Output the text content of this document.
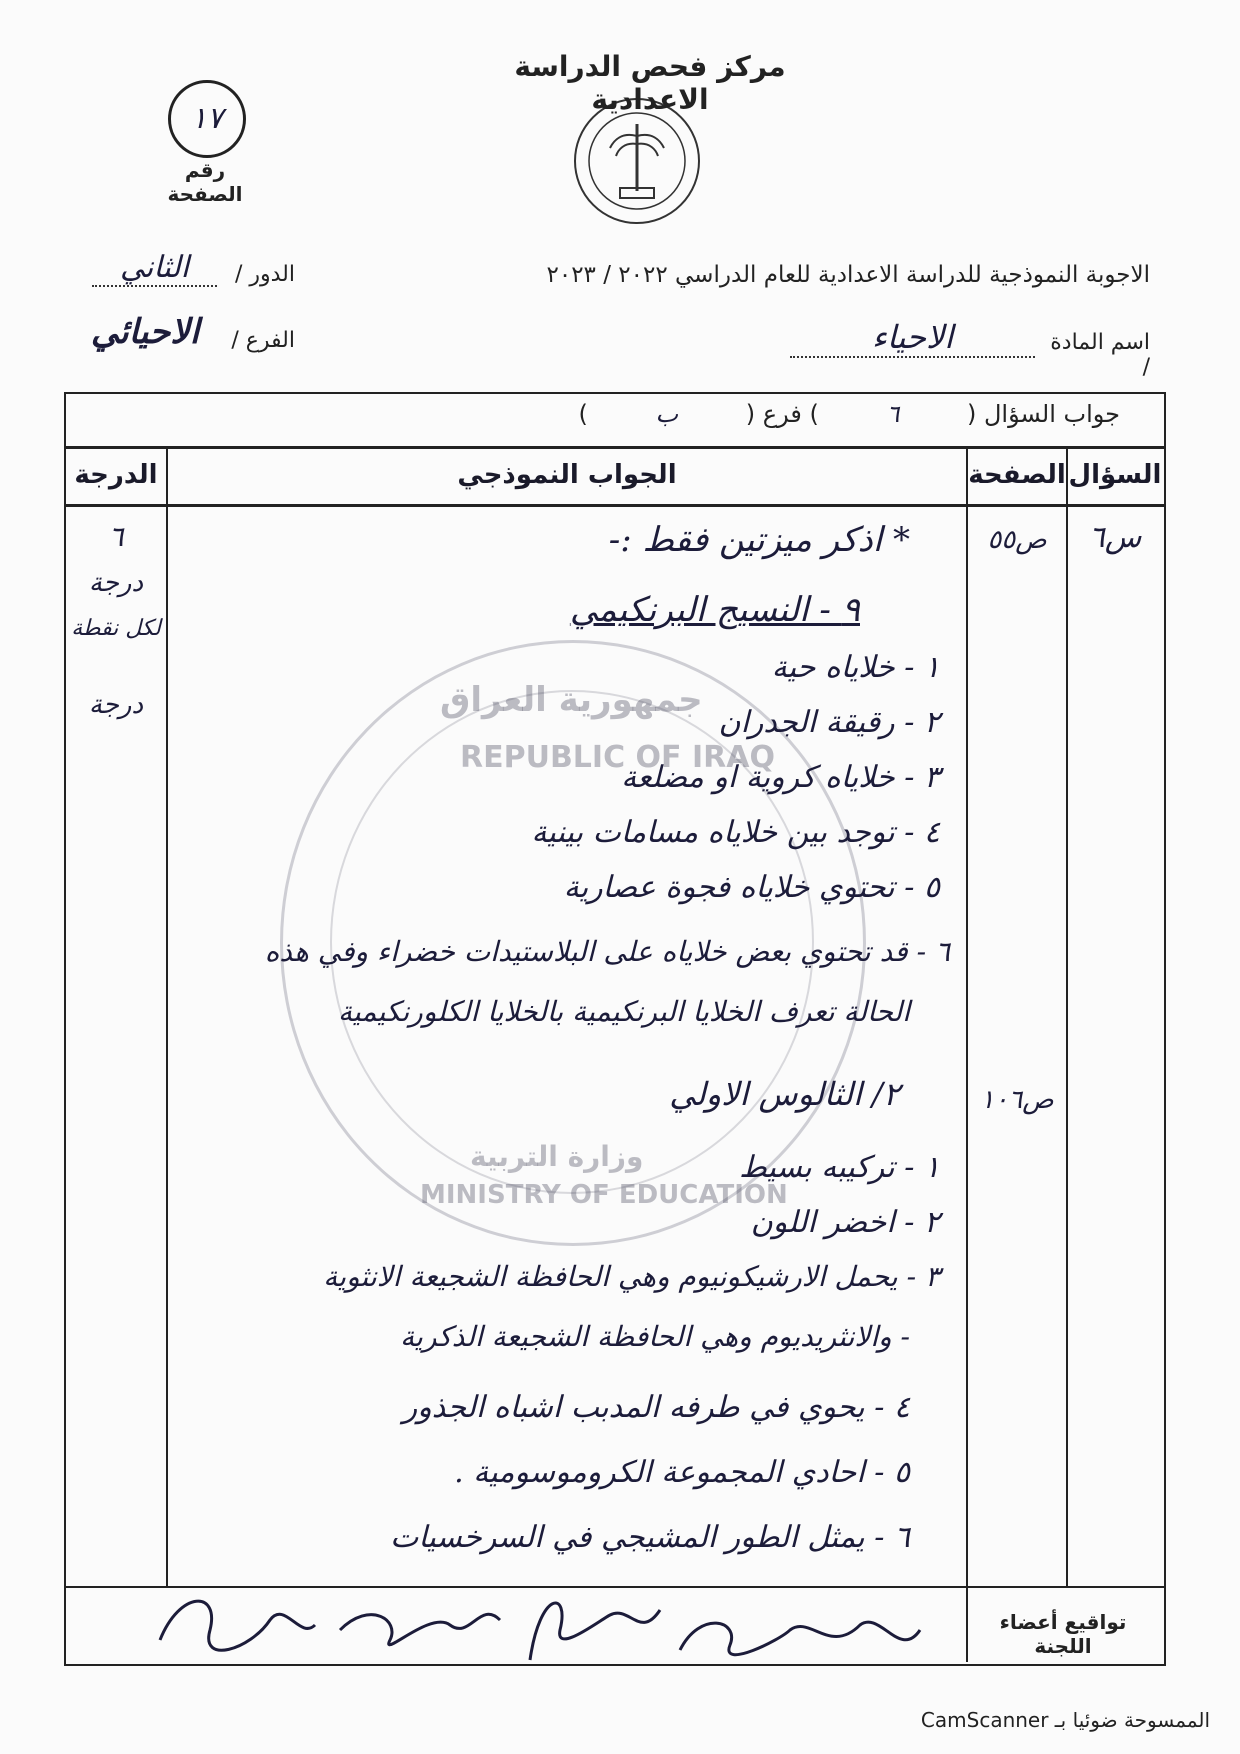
مركز فحص الدراسة الاعدادية
١٧
رقم الصفحة
الاجوبة النموذجية للدراسة الاعدادية للعام الدراسي ٢٠٢٢ / ٢٠٢٣
الدور /
الثاني
الفرع /
الاحيائي	اسم المادة /
الاحياء
جواب السؤال ( ٦ ) فرع ( ب )
السؤال
الصفحة
الجواب النموذجي
الدرجة
تواقيع أعضاء اللجنة
جمهورية العراق
REPUBLIC OF IRAQ
MINISTRY OF EDUCATION
وزارة التربية
س٦
ص٥٥
ص١٠٦
٦
درجة
لكل نقطة
درجة
* اذكر ميزتين فقط :-
٩ - النسيج البرنكيمي
١ - خلاياه حية
٢ - رقيقة الجدران
٣ - خلاياه كروية او مضلعة
٤ - توجد بين خلاياه مسامات بينية
٥ - تحتوي خلاياه فجوة عصارية
٦ - قد تحتوي بعض خلاياه على البلاستيدات خضراء وفي هذه
الحالة تعرف الخلايا البرنكيمية بالخلايا الكلورنكيمية
٢/ الثالوس الاولي
١ - تركيبه بسيط
٢ - اخضر اللون
٣ - يحمل الارشيكونيوم وهي الحافظة الشجيعة الانثوية
- والانثريديوم وهي الحافظة الشجيعة الذكرية
٤ - يحوي في طرفه المدبب اشباه الجذور
٥ - احادي المجموعة الكروموسومية .
٦ - يمثل الطور المشيجي في السرخسيات
الممسوحة ضوئيا بـ CamScanner
